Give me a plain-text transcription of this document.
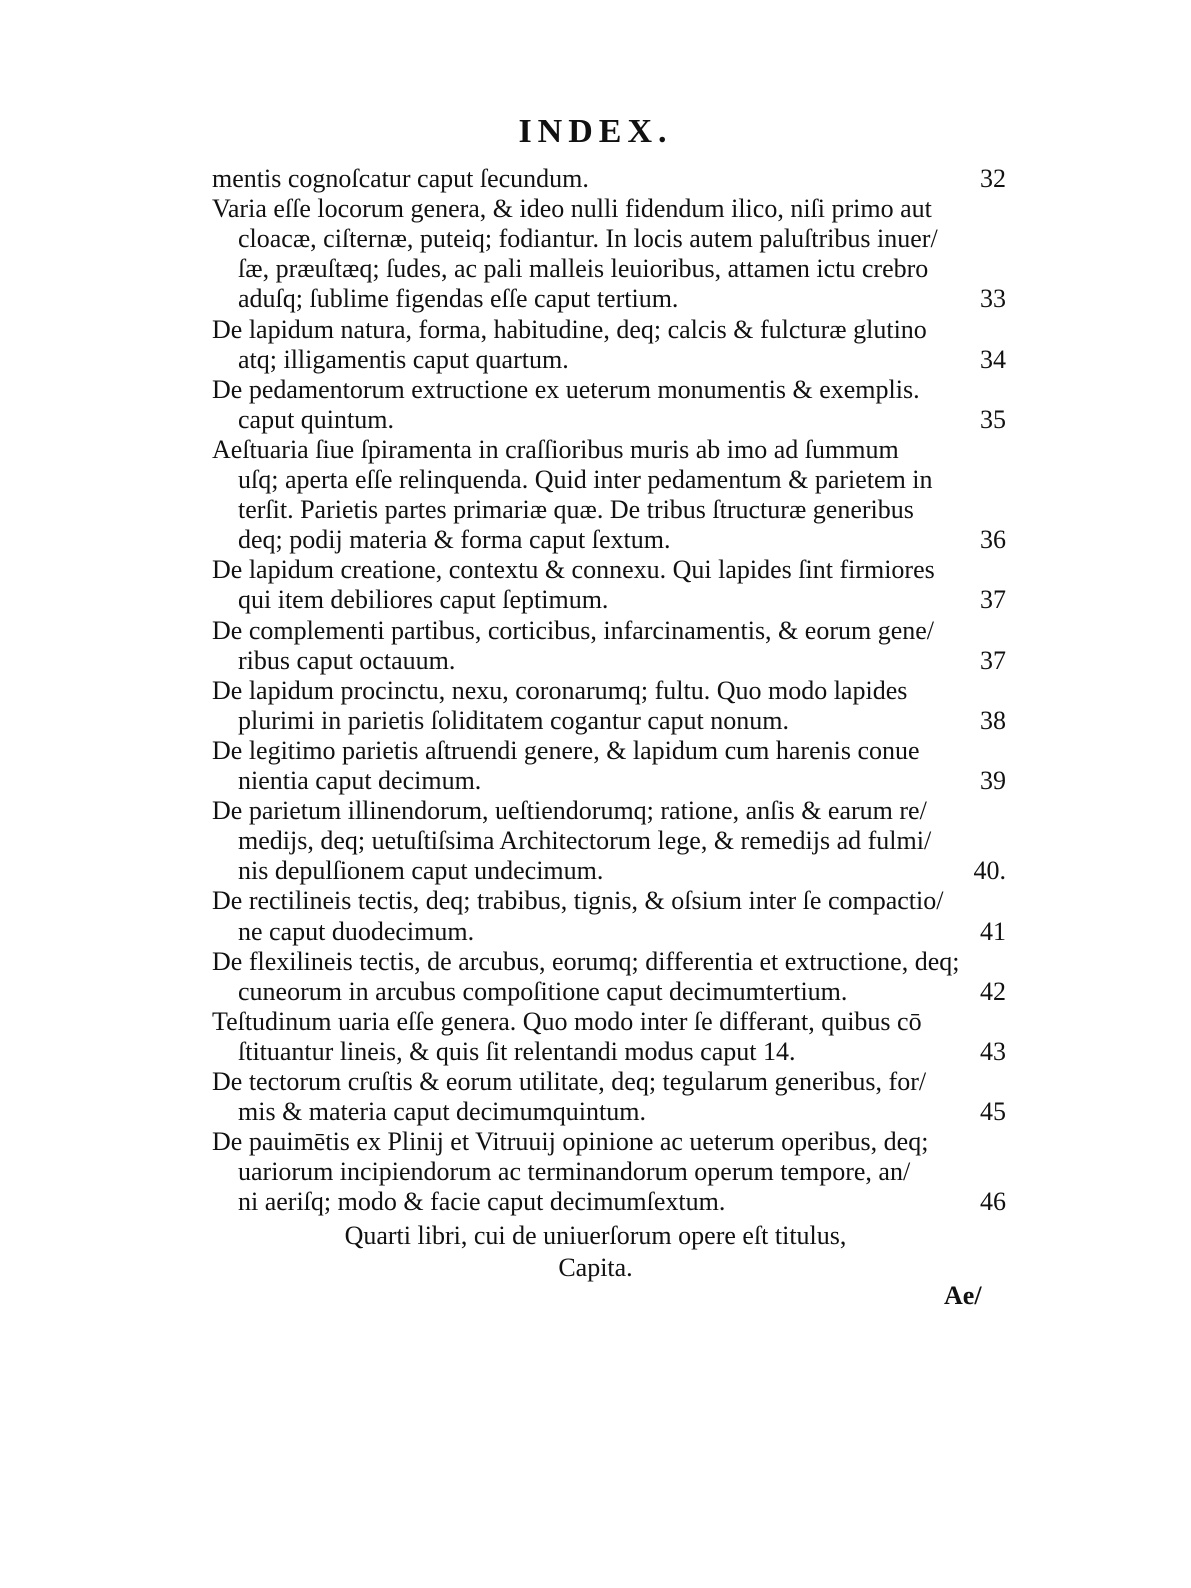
INDEX.
mentis cognoſcatur caput ſecundum.	32
Varia eſſe locorum genera, & ideo nulli fidendum ilico, niſi primo aut
cloacæ, ciſternæ, puteiq; fodiantur. In locis autem paluſtribus inuer/
ſæ, præuſtæq; ſudes, ac pali malleis leuioribus, attamen ictu crebro
aduſq; ſublime figendas eſſe caput tertium.	33
De lapidum natura, forma, habitudine, deq; calcis & fulcturæ glutino
atq; illigamentis caput quartum.	34
De pedamentorum extructione ex ueterum monumentis & exemplis.
caput quintum.	35
Aeſtuaria ſiue ſpiramenta in craſſioribus muris ab imo ad ſummum
uſq; aperta eſſe relinquenda. Quid inter pedamentum & parietem in
terſit. Parietis partes primariæ quæ. De tribus ſtructuræ generibus
deq; podij materia & forma caput ſextum.	36
De lapidum creatione, contextu & connexu. Qui lapides ſint firmiores
qui item debiliores caput ſeptimum.	37
De complementi partibus, corticibus, infarcinamentis, & eorum gene/
ribus caput octauum.	37
De lapidum procinctu, nexu, coronarumq; fultu. Quo modo lapides
plurimi in parietis ſoliditatem cogantur caput nonum.	38
De legitimo parietis aſtruendi genere, & lapidum cum harenis conue
nientia caput decimum.	39
De parietum illinendorum, ueſtiendorumq; ratione, anſis & earum re/
medijs, deq; uetuſtiſsima Architectorum lege, & remedijs ad fulmi/
nis depulſionem caput undecimum.	40.
De rectilineis tectis, deq; trabibus, tignis, & oſsium inter ſe compactio/
ne caput duodecimum.	41
De flexilineis tectis, de arcubus, eorumq; differentia et extructione, deq;
cuneorum in arcubus compoſitione caput decimumtertium.	42
Teſtudinum uaria eſſe genera. Quo modo inter ſe differant, quibus cō
ſtituantur lineis, & quis ſit relentandi modus caput 14.	43
De tectorum cruſtis & eorum utilitate, deq; tegularum generibus, for/
mis & materia caput decimumquintum.	45
De pauimētis ex Plinij et Vitruuij opinione ac ueterum operibus, deq;
uariorum incipiendorum ac terminandorum operum tempore, an/
ni aeriſq; modo & facie caput decimumſextum.	46
Quarti libri, cui de uniuerſorum opere eſt titulus,
Capita.
Ae/
